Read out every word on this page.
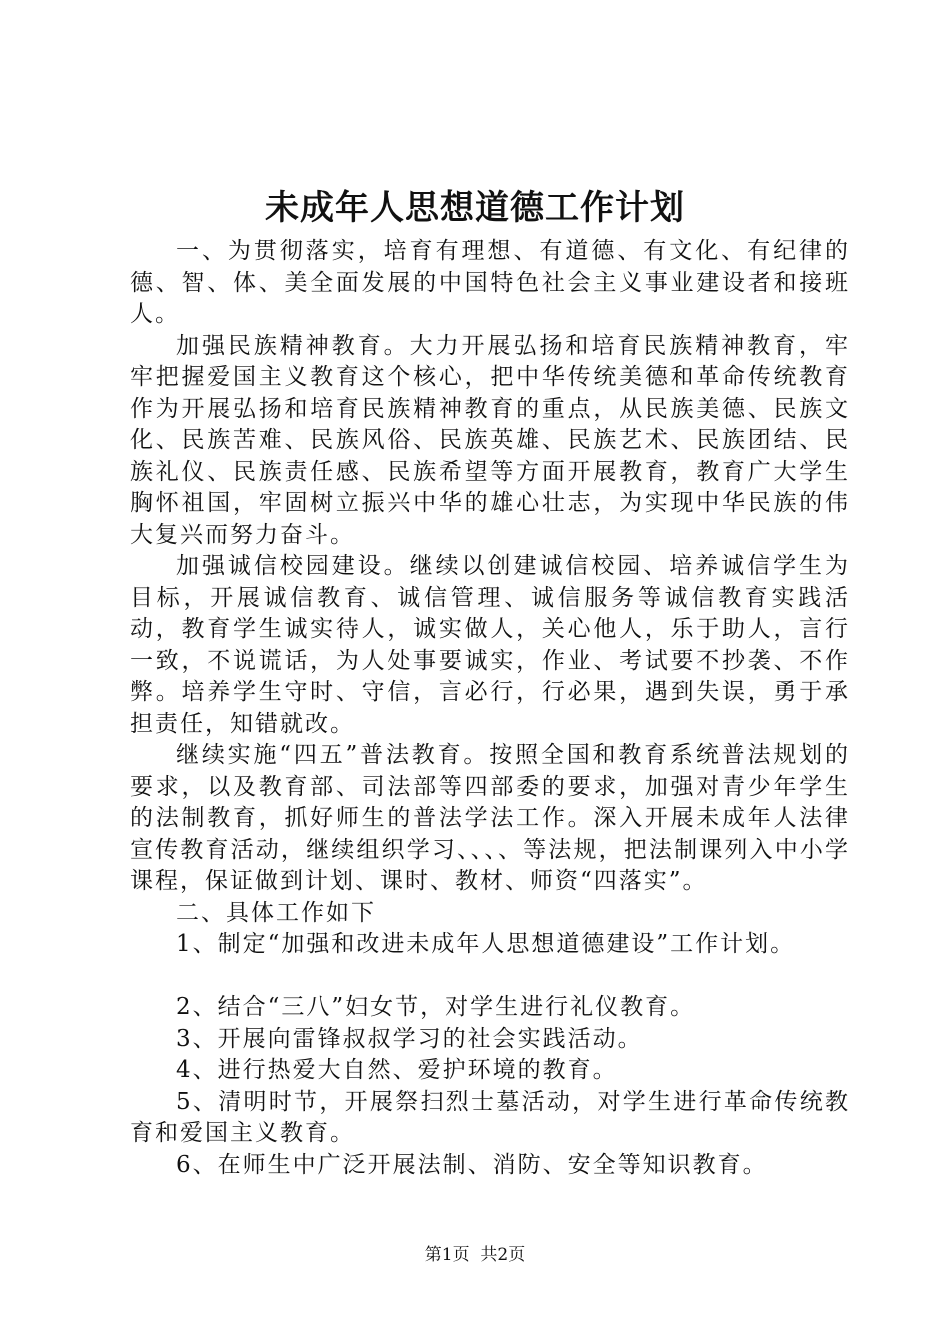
未成年人思想道德工作计划

一、为贯彻落实，培育有理想、有道德、有文化、有纪律的德、智、体、美全面发展的中国特色社会主义事业建设者和接班人。

加强民族精神教育。大力开展弘扬和培育民族精神教育，牢牢把握爱国主义教育这个核心，把中华传统美德和革命传统教育作为开展弘扬和培育民族精神教育的重点，从民族美德、民族文化、民族苦难、民族风俗、民族英雄、民族艺术、民族团结、民族礼仪、民族责任感、民族希望等方面开展教育，教育广大学生胸怀祖国，牢固树立振兴中华的雄心壮志，为实现中华民族的伟大复兴而努力奋斗。

加强诚信校园建设。继续以创建诚信校园、培养诚信学生为目标，开展诚信教育、诚信管理、诚信服务等诚信教育实践活动，教育学生诚实待人，诚实做人，关心他人，乐于助人，言行一致，不说谎话，为人处事要诚实，作业、考试要不抄袭、不作弊。培养学生守时、守信，言必行，行必果，遇到失误，勇于承担责任，知错就改。

继续实施“四五”普法教育。按照全国和教育系统普法规划的要求，以及教育部、司法部等四部委的要求，加强对青少年学生的法制教育，抓好师生的普法学法工作。深入开展未成年人法律宣传教育活动，继续组织学习、、、、等法规，把法制课列入中小学课程，保证做到计划、课时、教材、师资“四落实”。

二、具体工作如下

1、制定“加强和改进未成年人思想道德建设”工作计划。

2、结合“三八”妇女节，对学生进行礼仪教育。

3、开展向雷锋叔叔学习的社会实践活动。

4、进行热爱大自然、爱护环境的教育。

5、清明时节，开展祭扫烈士墓活动，对学生进行革命传统教育和爱国主义教育。

6、在师生中广泛开展法制、消防、安全等知识教育。

第1页  共2页
